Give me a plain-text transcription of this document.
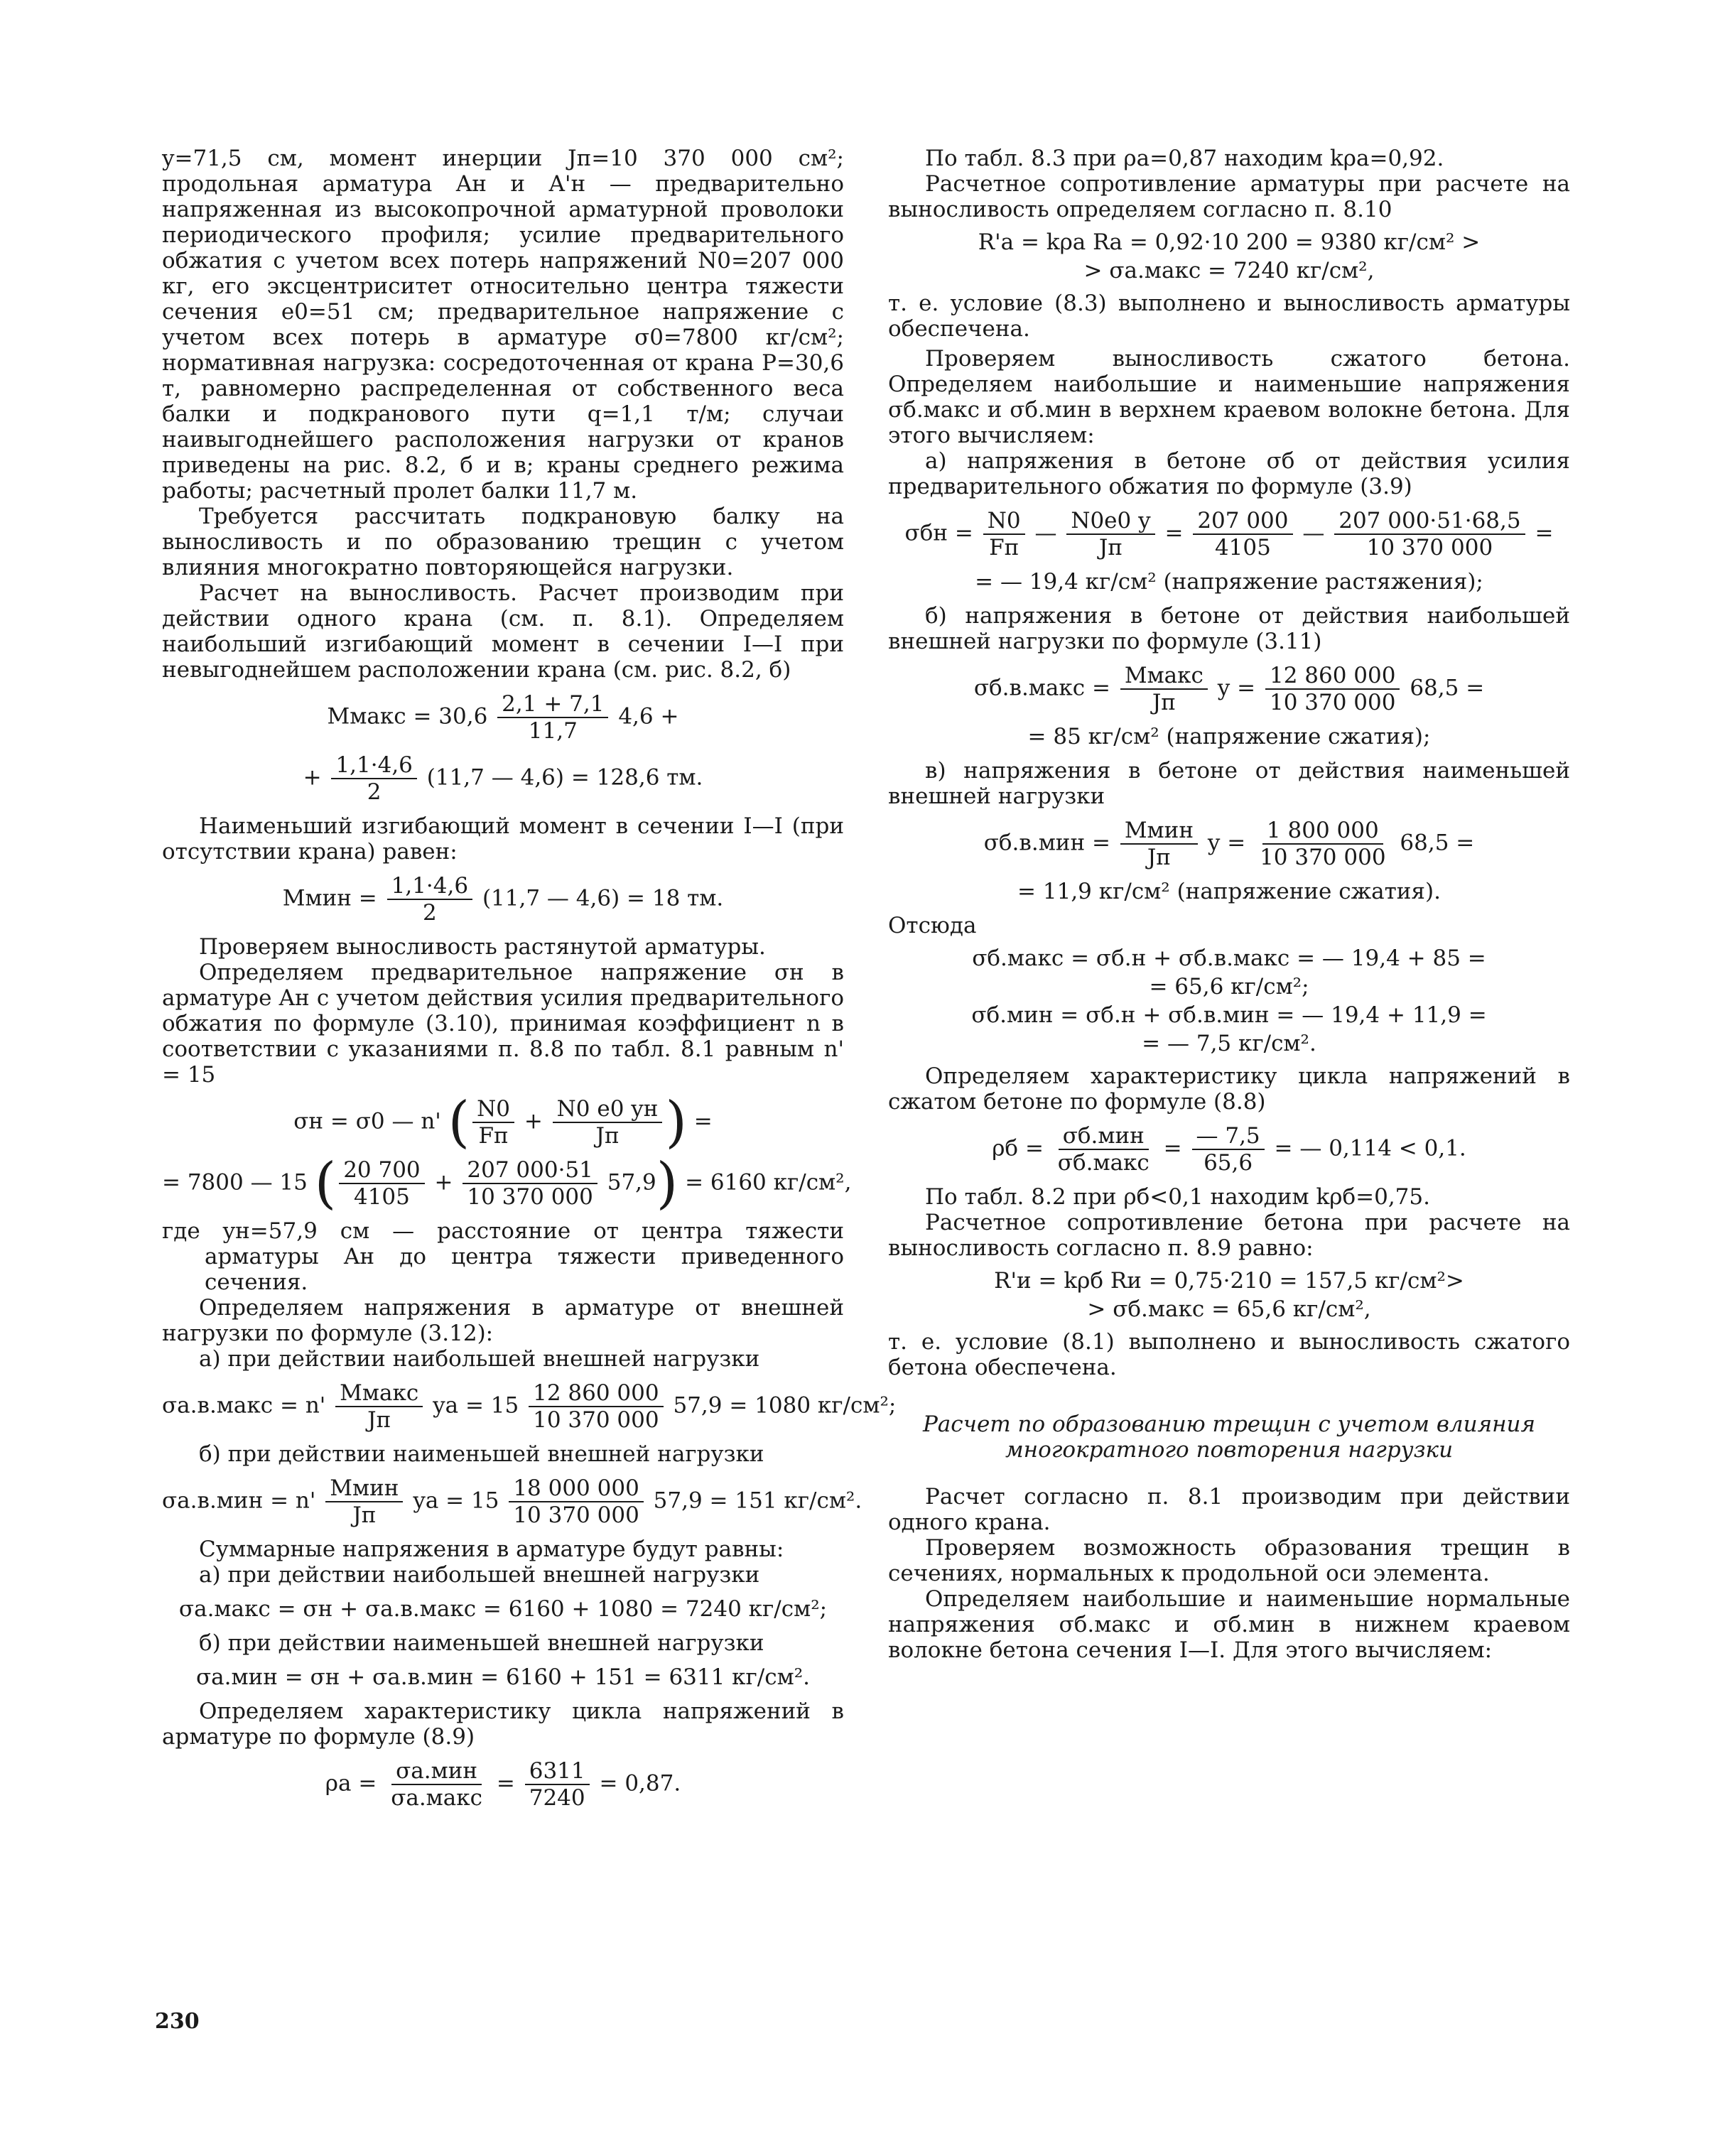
y=71,5 см, момент инерции Jп=10 370 000 см²; продольная арматура Aн и A'н — предварительно напряженная из высокопрочной арматурной проволоки периодического профиля; усилие предварительного обжатия с учетом всех потерь напряжений N0=207 000 кг, его эксцентриситет относительно центра тяжести сечения e0=51 см; предварительное напряжение с учетом всех потерь в арматуре σ0=7800 кг/см²; нормативная нагрузка: сосредоточенная от крана P=30,6 т, равномерно распределенная от собственного веса балки и подкранового пути q=1,1 т/м; случаи наивыгоднейшего расположения нагрузки от кранов приведены на рис. 8.2, б и в; краны среднего режима работы; расчетный пролет балки 11,7 м.

Требуется рассчитать подкрановую балку на выносливость и по образованию трещин с учетом влияния многократно повторяющейся нагрузки.

Расчет на выносливость. Расчет производим при действии одного крана (см. п. 8.1). Определяем наибольший изгибающий момент в сечении I—I при невыгоднейшем расположении крана (см. рис. 8.2, б)

Mмакс = $30,6 \frac{2,1 + 7,1}{11,7} 4,6$ +
+ $\frac{1,1\cdot 4,6}{2} (11,7$ — 4,6) = 128,6 тм.

Наименьший изгибающий момент в сечении I—I (при отсутствии крана) равен:

Mмин = $\frac{1,1\cdot 4,6}{2} (11,7$ — 4,6) = 18 тм.

Проверяем выносливость растянутой арматуры.

Определяем предварительное напряжение σн в арматуре Aн с учетом действия усилия предварительного обжатия по формуле (3.10), принимая коэффициент n в соответствии с указаниями п. 8.8 по табл. 8.1 равным n' = 15

σн = σ0 — n' ( $\frac{N0}{Fп} + \frac{N0 e0 yн}{Jп}$ ) =
= 7800 — 15 ( $\frac{20 700}{4105} + \frac{207 000\cdot 51}{10 370 000} 57,9) = 6160$ кг/см²,

где yн=57,9 см — расстояние от центра тяжести арматуры Aн до центра тяжести приведенного сечения.

Определяем напряжения в арматуре от внешней нагрузки по формуле (3.12):

а) при действии наибольшей внешней нагрузки

σа.в.макс = $n' \frac{\text{Mмакс}}{Jп}$ yа = $15 \frac{12 860 000}{10 370 000} 57,9 = 1080$ кг/см²;

б) при действии наименьшей внешней нагрузки

$\sigma а.в.мин = n' \frac{\text{Mмин}}{Jп}$ yа = $15 \frac{18 000 000}{10 370 000} 57,9 = 151$ кг/см².

Суммарные напряжения в арматуре будут равны:

а) при действии наибольшей внешней нагрузки

σа.макс = σн + σа.в.макс = 6160 + 1080 = 7240 кг/см²;

б) при действии наименьшей внешней нагрузки

σа.мин = σн + σа.в.мин = 6160 + 151 = 6311 кг/см².

Определяем характеристику цикла напряжений в арматуре по формуле (8.9)

$\rho а = \frac{\text{σа.мин}}{\text{σа.макс}} = \frac{6311}{7240} = 0,87$.

По табл. 8.3 при ρа=0,87 находим kρа=0,92.

Расчетное сопротивление арматуры при расчете на выносливость определяем согласно п. 8.10

R'а = kρа Rа = 0,92·10 200 = 9380 кг/см² >
> σа.макс = 7240 кг/см²,

т. е. условие (8.3) выполнено и выносливость арматуры обеспечена.

Проверяем выносливость сжатого бетона. Определяем наибольшие и наименьшие напряжения σб.макс и σб.мин в верхнем краевом волокне бетона. Для этого вычисляем:

а) напряжения в бетоне σб от действия усилия предварительного обжатия по формуле (3.9)

$\sigma бн = \frac{N0}{Fп}$ — $\frac{N0e0 y}{Jп} = \frac{207 000}{4105}$ — $\frac{207 000\cdot 51\cdot 68,5}{10 370 000}$ =
= — 19,4 кг/см² (напряжение растяжения);

б) напряжения в бетоне от действия наибольшей внешней нагрузки по формуле (3.11)

σб.в.макс = $\frac{\text{Mмакс}}{Jп}$ $y = \frac{12 860 000}{10 370 000} 68,5$ =
= 85 кг/см² (напряжение сжатия);

в) напряжения в бетоне от действия наименьшей внешней нагрузки

$\sigma б.в.мин = \frac{\text{Mмин}}{Jп}$ $y = \frac{1 800 000}{10 370 000} 68,5$ =
= 11,9 кг/см² (напряжение сжатия).

Отсюда

σб.макс = σб.н + σб.в.макс = — 19,4 + 85 =
= 65,6 кг/см²;
σб.мин = σб.н + σб.в.мин = — 19,4 + 11,9 =
= — 7,5 кг/см².

Определяем характеристику цикла напряжений в сжатом бетоне по формуле (8.8)

$\rho б = \frac{\text{σб.мин}}{\text{σб.макс}} = \frac{— 7,5}{65,6}$ = — 0,114 < 0,1.

По табл. 8.2 при ρб<0,1 находим kρб=0,75.

Расчетное сопротивление бетона при расчете на выносливость согласно п. 8.9 равно:

R'и = kρб Rи = 0,75·210 = 157,5 кг/см²>
> σб.макс = 65,6 кг/см²,

т. е. условие (8.1) выполнено и выносливость сжатого бетона обеспечена.

Расчет по образованию трещин с учетом влияния многократного повторения нагрузки

Расчет согласно п. 8.1 производим при действии одного крана.

Проверяем возможность образования трещин в сечениях, нормальных к продольной оси элемента.

Определяем наибольшие и наименьшие нормальные напряжения σб.макс и σб.мин в нижнем краевом волокне бетона сечения I—I. Для этого вычисляем:

230
